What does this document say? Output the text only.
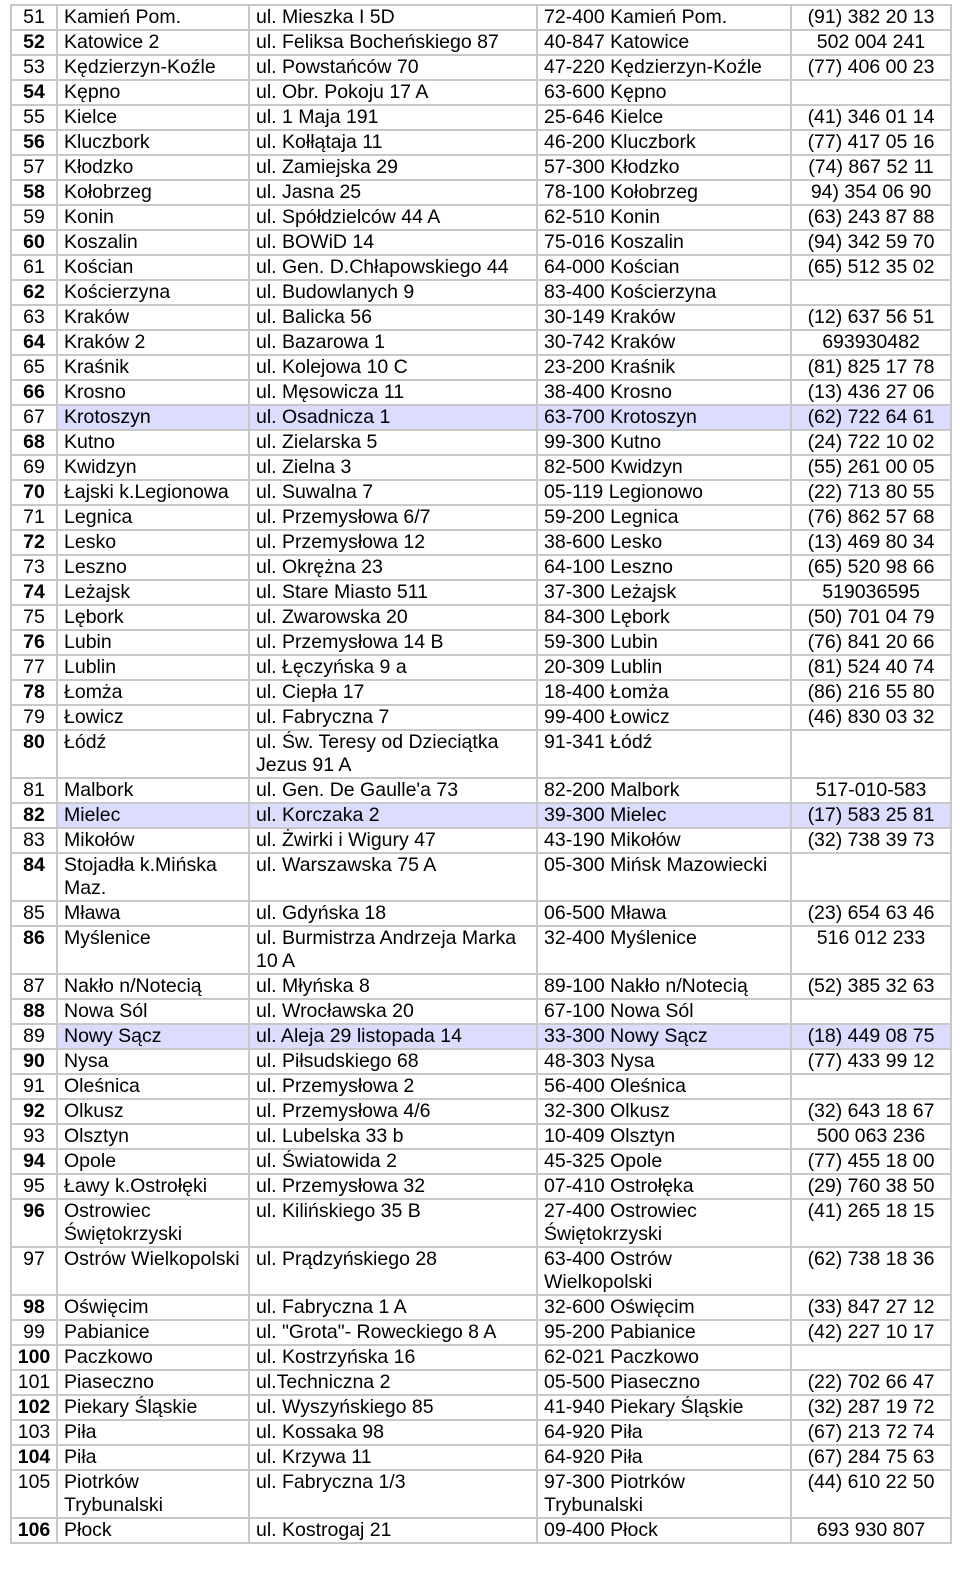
51	Kamień Pom.	ul. Mieszka I 5D	72-400 Kamień Pom.	(91) 382 20 13
52	Katowice 2	ul. Feliksa Bocheńskiego 87	40-847 Katowice	502 004 241
53	Kędzierzyn-Koźle	ul. Powstańców 70	47-220 Kędzierzyn-Koźle	(77) 406 00 23
54	Kępno	ul. Obr. Pokoju 17 A	63-600 Kępno	
55	Kielce	ul. 1 Maja 191	25-646 Kielce	(41) 346 01 14
56	Kluczbork	ul. Kołłątaja 11	46-200 Kluczbork	(77) 417 05 16
57	Kłodzko	ul. Zamiejska 29	57-300 Kłodzko	(74) 867 52 11
58	Kołobrzeg	ul. Jasna 25	78-100 Kołobrzeg	94) 354 06 90
59	Konin	ul. Spółdzielców 44 A	62-510 Konin	(63) 243 87 88
60	Koszalin	ul. BOWiD 14	75-016 Koszalin	(94) 342 59 70
61	Kościan	ul. Gen. D.Chłapowskiego 44	64-000 Kościan	(65) 512 35 02
62	Kościerzyna	ul. Budowlanych 9	83-400 Kościerzyna	
63	Kraków	ul. Balicka 56	30-149 Kraków	(12) 637 56 51
64	Kraków 2	ul. Bazarowa 1	30-742 Kraków	693930482
65	Kraśnik	ul. Kolejowa 10 C	23-200 Kraśnik	(81) 825 17 78
66	Krosno	ul. Męsowicza 11	38-400 Krosno	(13) 436 27 06
67	Krotoszyn	ul. Osadnicza 1	63-700 Krotoszyn	(62) 722 64 61
68	Kutno	ul. Zielarska 5	99-300 Kutno	(24) 722 10 02
69	Kwidzyn	ul. Zielna 3	82-500 Kwidzyn	(55) 261 00 05
70	Łajski k.Legionowa	ul. Suwalna 7	05-119 Legionowo	(22) 713 80 55
71	Legnica	ul. Przemysłowa 6/7	59-200 Legnica	(76) 862 57 68
72	Lesko	ul. Przemysłowa 12	38-600 Lesko	(13) 469 80 34
73	Leszno	ul. Okrężna 23	64-100 Leszno	(65) 520 98 66
74	Leżajsk	ul. Stare Miasto 511	37-300 Leżajsk	519036595
75	Lębork	ul. Zwarowska 20	84-300 Lębork	(50) 701 04 79
76	Lubin	ul. Przemysłowa 14 B	59-300 Lubin	(76) 841 20 66
77	Lublin	ul. Łęczyńska 9 a	20-309 Lublin	(81) 524 40 74
78	Łomża	ul. Ciepła 17	18-400 Łomża	(86) 216 55 80
79	Łowicz	ul. Fabryczna 7	99-400 Łowicz	(46) 830 03 32
80	Łódź	ul. Św. Teresy od Dzieciątka Jezus 91 A	91-341 Łódź	
81	Malbork	ul. Gen. De Gaulle'a 73	82-200 Malbork	517-010-583
82	Mielec	ul. Korczaka 2	39-300 Mielec	(17) 583 25 81
83	Mikołów	ul. Żwirki i Wigury 47	43-190 Mikołów	(32) 738 39 73
84	Stojadła k.Mińska Maz.	ul. Warszawska 75 A	05-300 Mińsk Mazowiecki	
85	Mława	ul. Gdyńska 18	06-500 Mława	(23) 654 63 46
86	Myślenice	ul. Burmistrza Andrzeja Marka 10 A	32-400 Myślenice	516 012 233
87	Nakło n/Notecią	ul. Młyńska 8	89-100 Nakło n/Notecią	(52) 385 32 63
88	Nowa Sól	ul. Wrocławska 20	67-100 Nowa Sól	
89	Nowy Sącz	ul. Aleja 29 listopada 14	33-300 Nowy Sącz	(18) 449 08 75
90	Nysa	ul. Piłsudskiego 68	48-303 Nysa	(77) 433 99 12
91	Oleśnica	ul. Przemysłowa 2	56-400 Oleśnica	
92	Olkusz	ul. Przemysłowa 4/6	32-300 Olkusz	(32) 643 18 67
93	Olsztyn	ul. Lubelska 33 b	10-409 Olsztyn	500 063 236
94	Opole	ul. Światowida 2	45-325 Opole	(77) 455 18 00
95	Ławy k.Ostrołęki	ul. Przemysłowa 32	07-410 Ostrołęka	(29) 760 38 50
96	Ostrowiec Świętokrzyski	ul. Kilińskiego 35 B	27-400 Ostrowiec Świętokrzyski	(41) 265 18 15
97	Ostrów Wielkopolski	ul. Prądzyńskiego 28	63-400 Ostrów Wielkopolski	(62) 738 18 36
98	Oświęcim	ul. Fabryczna 1 A	32-600 Oświęcim	(33) 847 27 12
99	Pabianice	ul. "Grota"- Roweckiego 8 A	95-200 Pabianice	(42) 227 10 17
100	Paczkowo	ul. Kostrzyńska 16	62-021 Paczkowo	
101	Piaseczno	ul.Techniczna 2	05-500 Piaseczno	(22) 702 66 47
102	Piekary Śląskie	ul. Wyszyńskiego 85	41-940 Piekary Śląskie	(32) 287 19 72
103	Piła	ul. Kossaka 98	64-920 Piła	(67) 213 72 74
104	Piła	ul. Krzywa 11	64-920 Piła	(67) 284 75 63
105	Piotrków Trybunalski	ul. Fabryczna 1/3	97-300 Piotrków Trybunalski	(44) 610 22 50
106	Płock	ul. Kostrogaj 21	09-400 Płock	693 930 807
